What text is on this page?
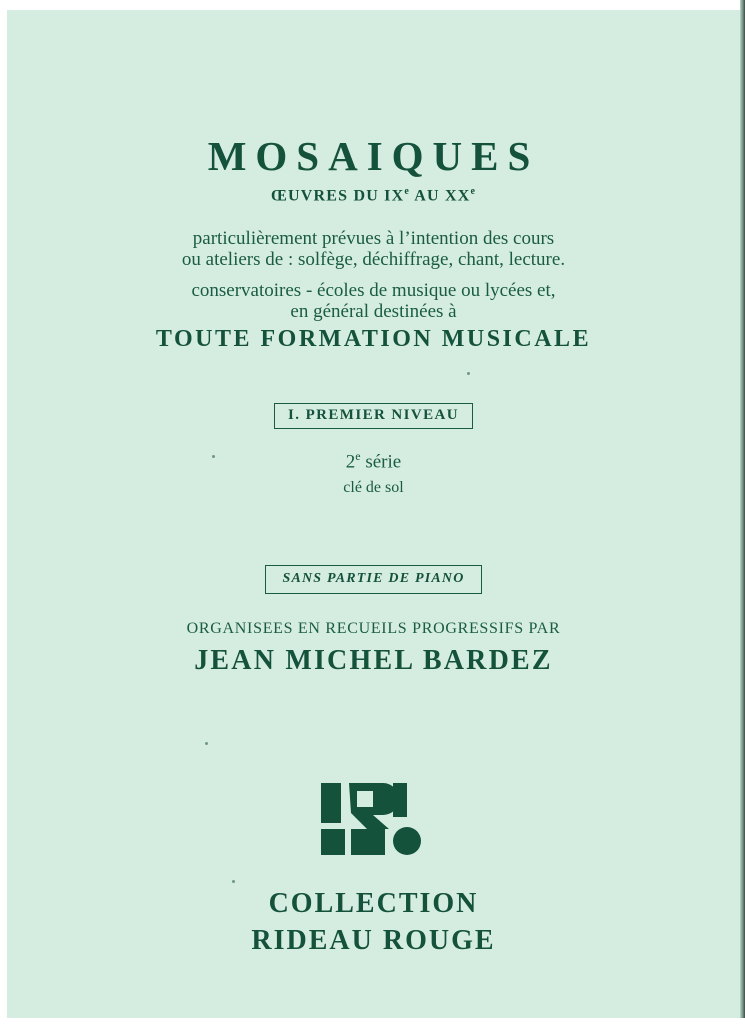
MOSAIQUES
ŒUVRES DU IXe AU XXe
particulièrement prévues à l’intention des cours
ou ateliers de : solfège, déchiffrage, chant, lecture.
conservatoires - écoles de musique ou lycées et,
en général destinées à
TOUTE FORMATION MUSICALE
I. PREMIER NIVEAU
2e série
clé de sol
SANS PARTIE DE PIANO
ORGANISEES EN RECUEILS PROGRESSIFS PAR
JEAN MICHEL BARDEZ
COLLECTION
RIDEAU ROUGE
